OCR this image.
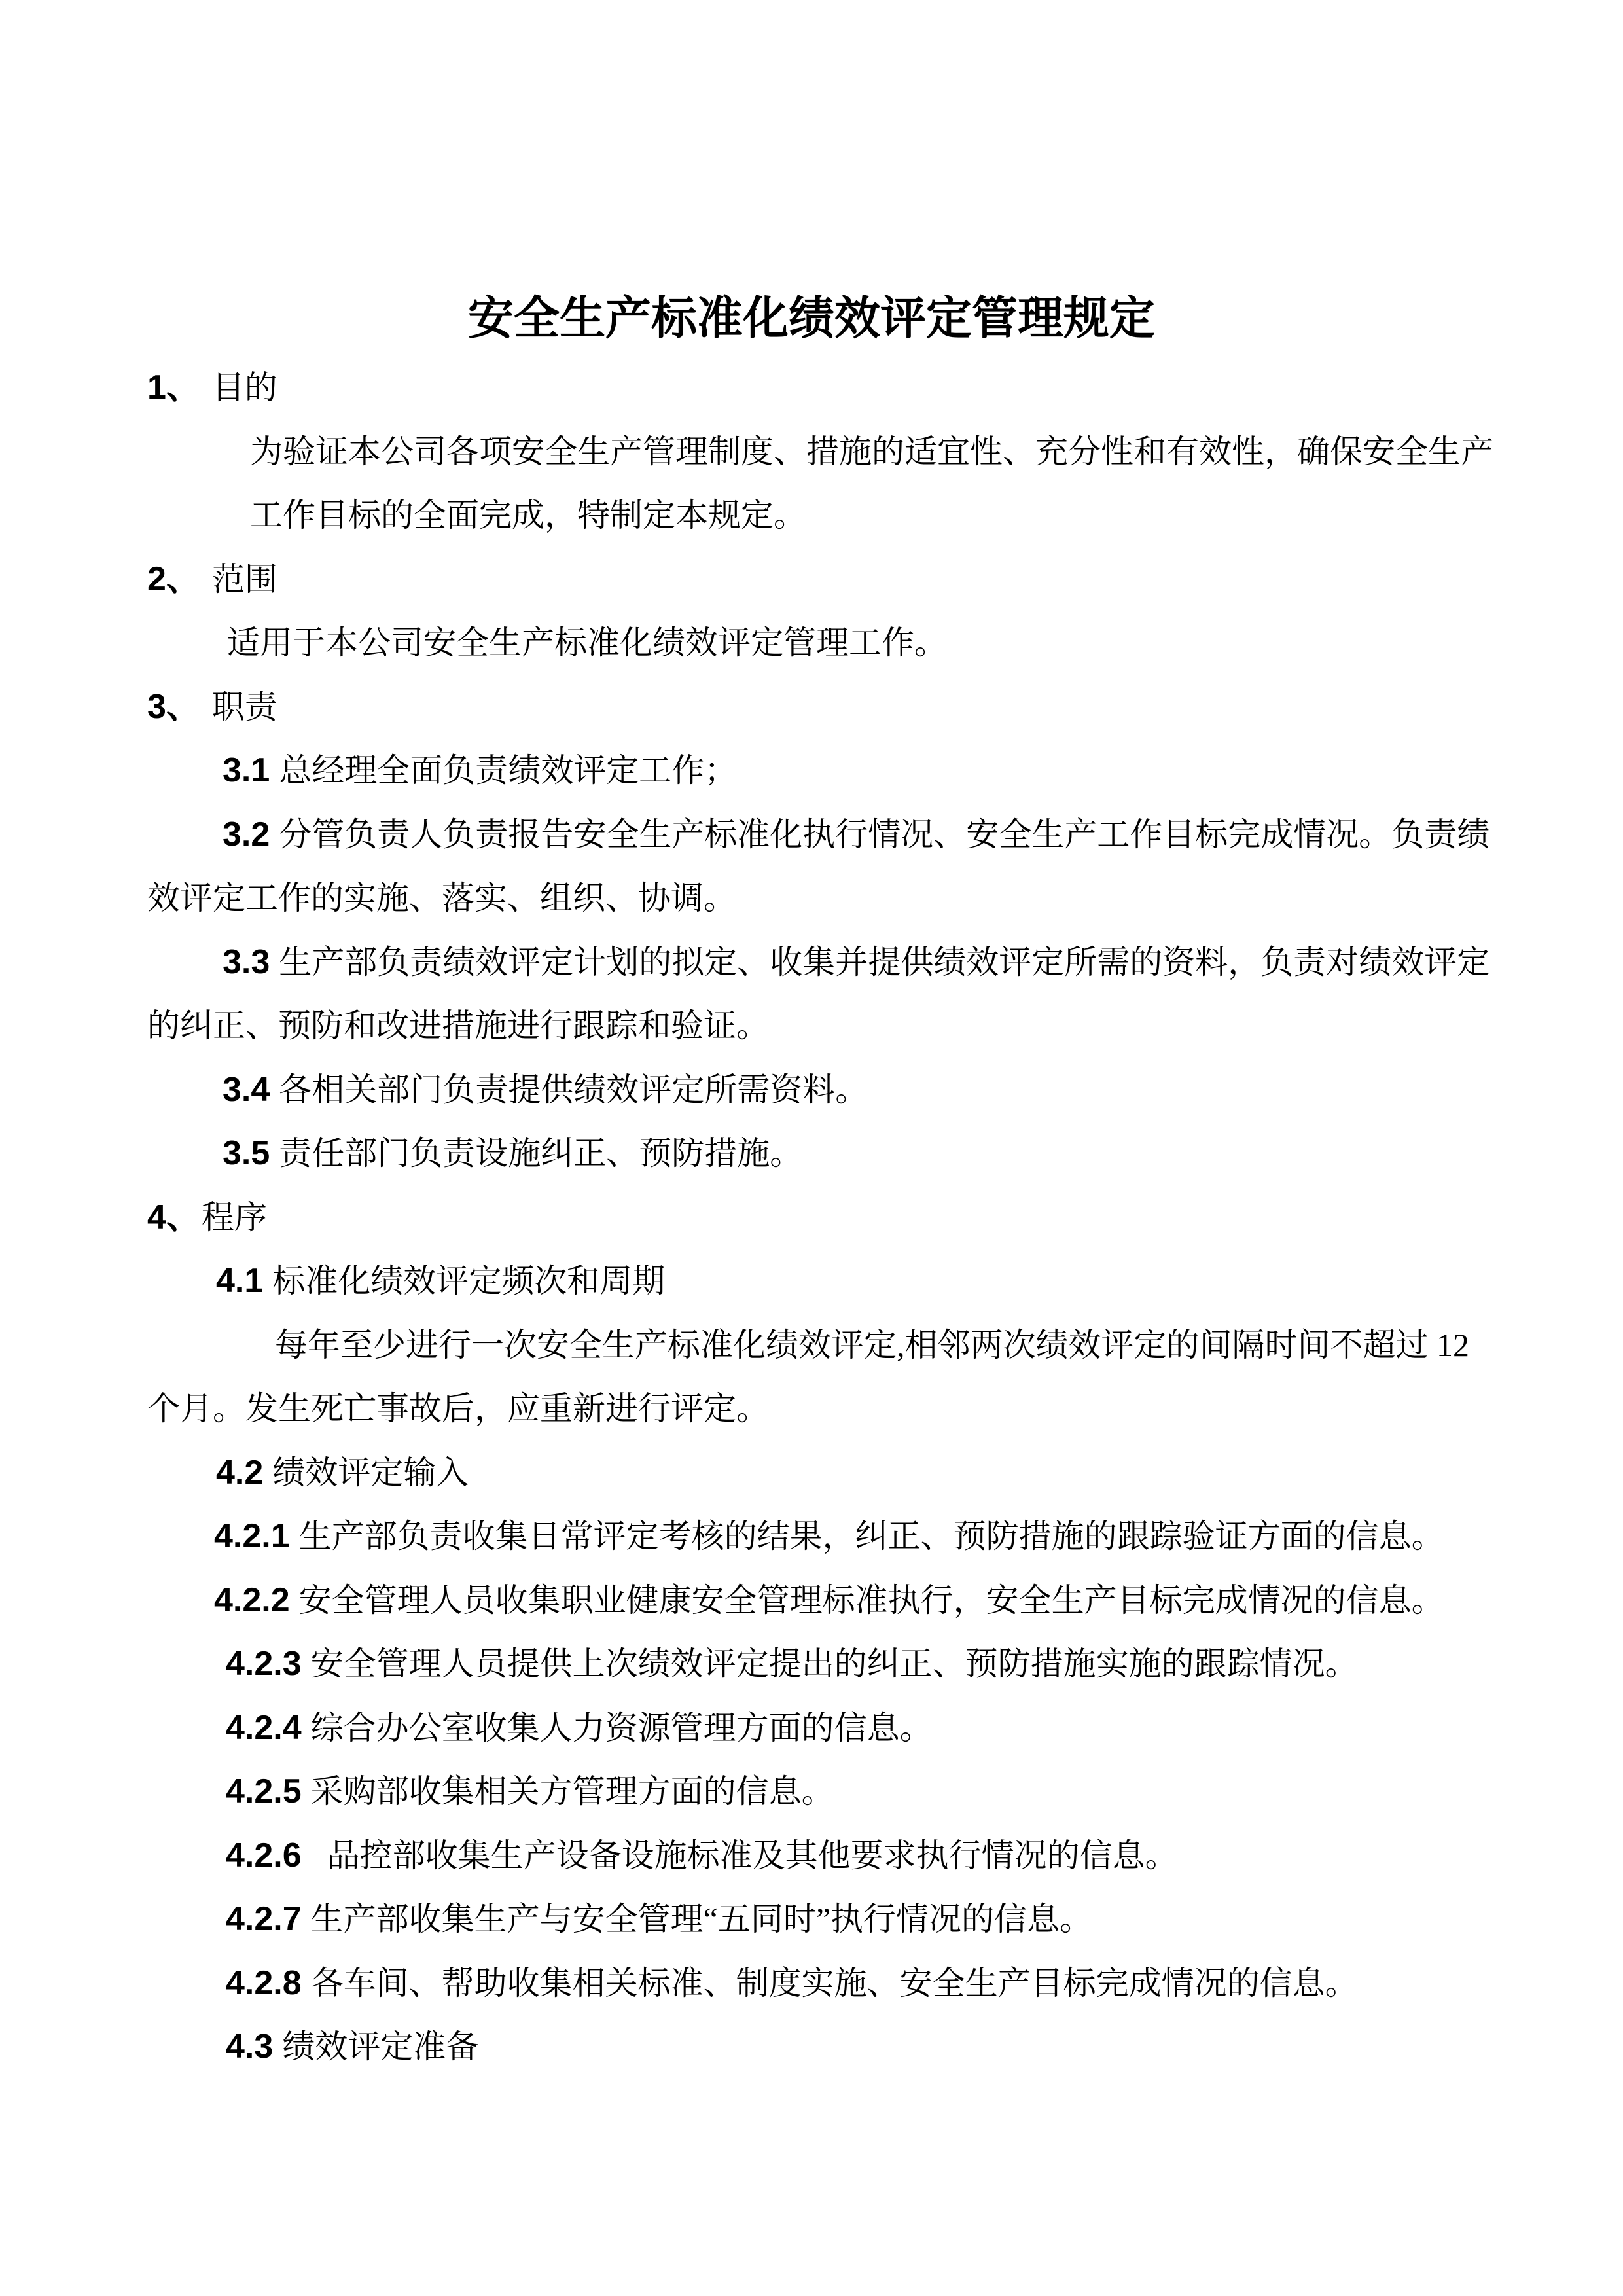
安全生产标准化绩效评定管理规定
1、 目的
为验证本公司各项安全生产管理制度、措施的适宜性、充分性和有效性，确保安全生产
工作目标的全面完成，特制定本规定。
2、 范围
适用于本公司安全生产标准化绩效评定管理工作。
3、 职责
3.1 总经理全面负责绩效评定工作；
3.2 分管负责人负责报告安全生产标准化执行情况、安全生产工作目标完成情况。负责绩
效评定工作的实施、落实、组织、协调。
3.3 生产部负责绩效评定计划的拟定、收集并提供绩效评定所需的资料，负责对绩效评定
的纠正、预防和改进措施进行跟踪和验证。
3.4 各相关部门负责提供绩效评定所需资料。
3.5 责任部门负责设施纠正、预防措施。
4、程序
4.1 标准化绩效评定频次和周期
每年至少进行一次安全生产标准化绩效评定,相邻两次绩效评定的间隔时间不超过 12
个月。发生死亡事故后，应重新进行评定。
4.2 绩效评定输入
4.2.1 生产部负责收集日常评定考核的结果，纠正、预防措施的跟踪验证方面的信息。
4.2.2 安全管理人员收集职业健康安全管理标准执行，安全生产目标完成情况的信息。
4.2.3 安全管理人员提供上次绩效评定提出的纠正、预防措施实施的跟踪情况。
4.2.4 综合办公室收集人力资源管理方面的信息。
4.2.5 采购部收集相关方管理方面的信息。
4.2.6 品控部收集生产设备设施标准及其他要求执行情况的信息。
4.2.7 生产部收集生产与安全管理“五同时”执行情况的信息。
4.2.8 各车间、帮助收集相关标准、制度实施、安全生产目标完成情况的信息。
4.3 绩效评定准备
